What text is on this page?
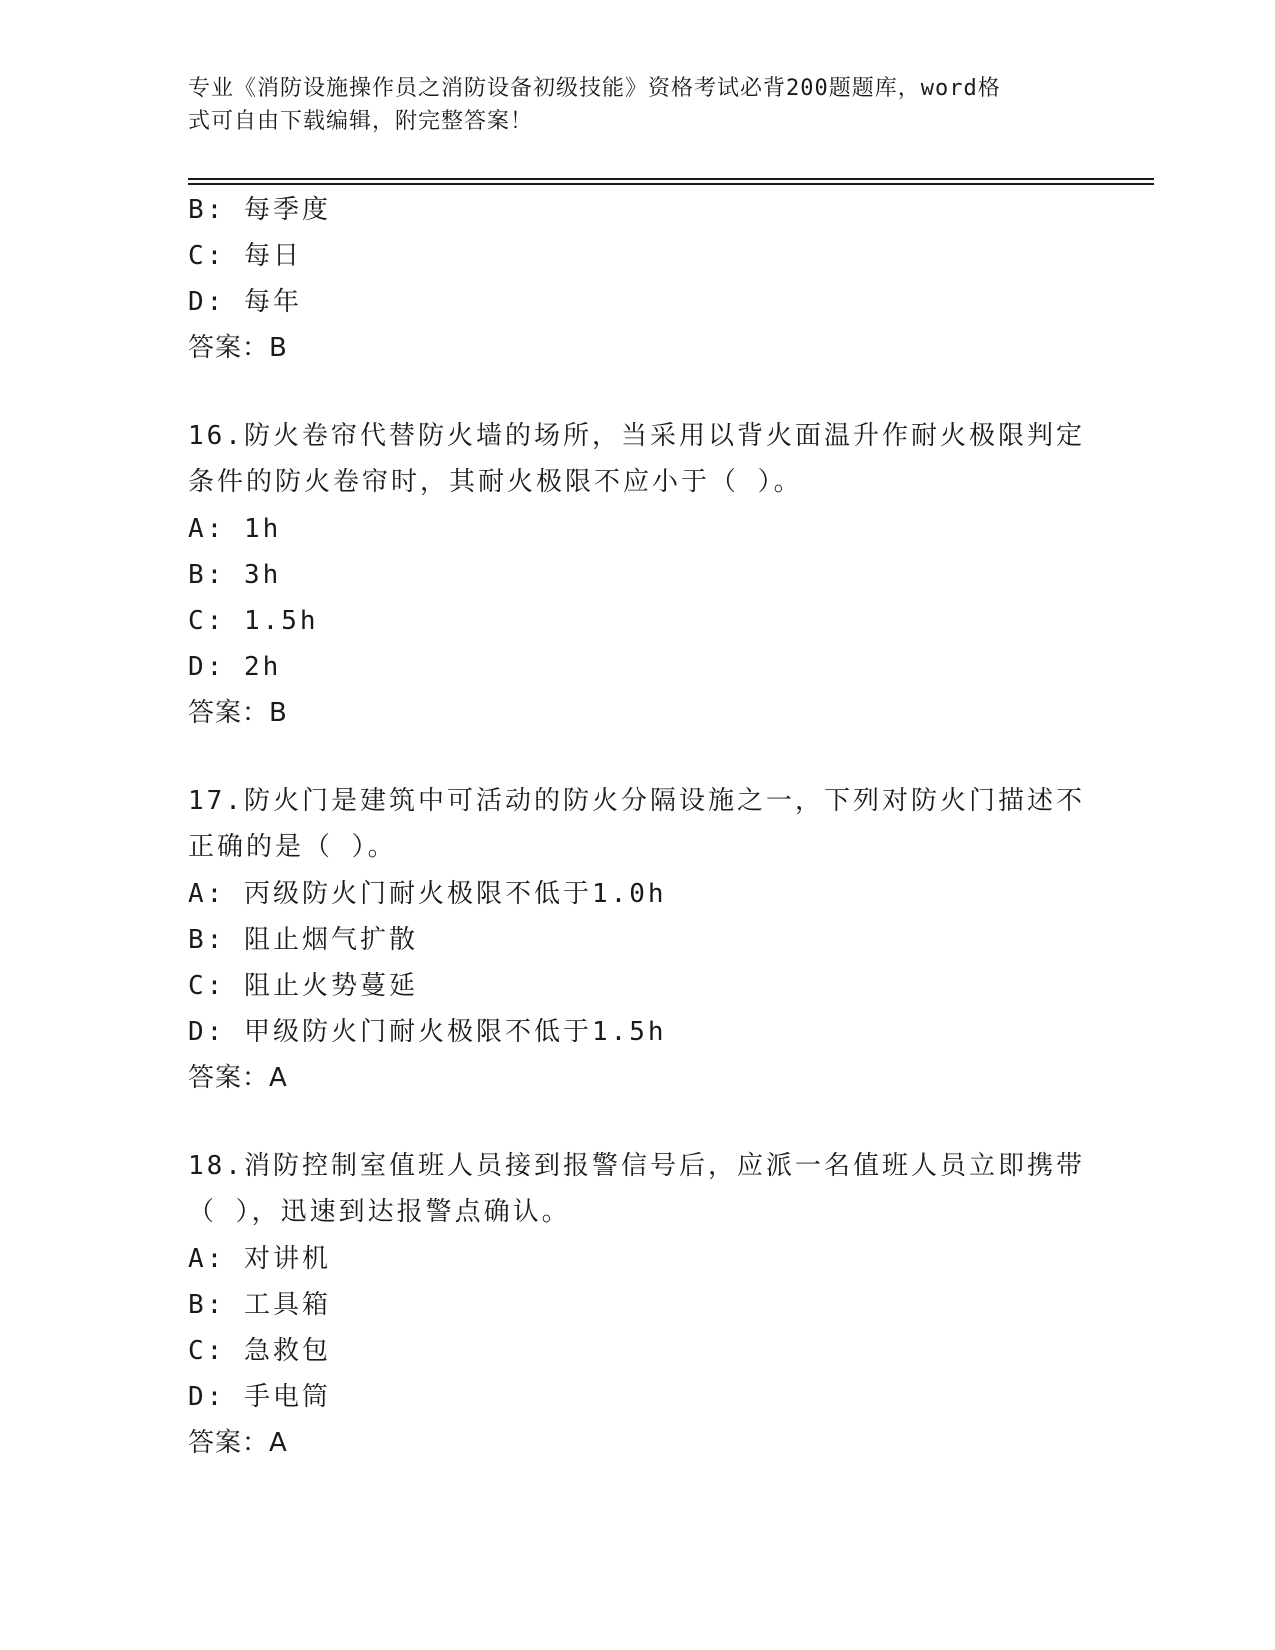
专业《消防设施操作员之消防设备初级技能》资格考试必背200题题库，word格
式可自由下载编辑，附完整答案！
B: 每季度
C: 每日
D: 每年
答案：B
16.防火卷帘代替防火墙的场所，当采用以背火面温升作耐火极限判定
条件的防火卷帘时，其耐火极限不应小于（ ）。
A: 1h
B: 3h
C: 1.5h
D: 2h
答案：B
17.防火门是建筑中可活动的防火分隔设施之一，下列对防火门描述不
正确的是（ ）。
A: 丙级防火门耐火极限不低于1.0h
B: 阻止烟气扩散
C: 阻止火势蔓延
D: 甲级防火门耐火极限不低于1.5h
答案：A
18.消防控制室值班人员接到报警信号后，应派一名值班人员立即携带
（ ），迅速到达报警点确认。
A: 对讲机
B: 工具箱
C: 急救包
D: 手电筒
答案：A
